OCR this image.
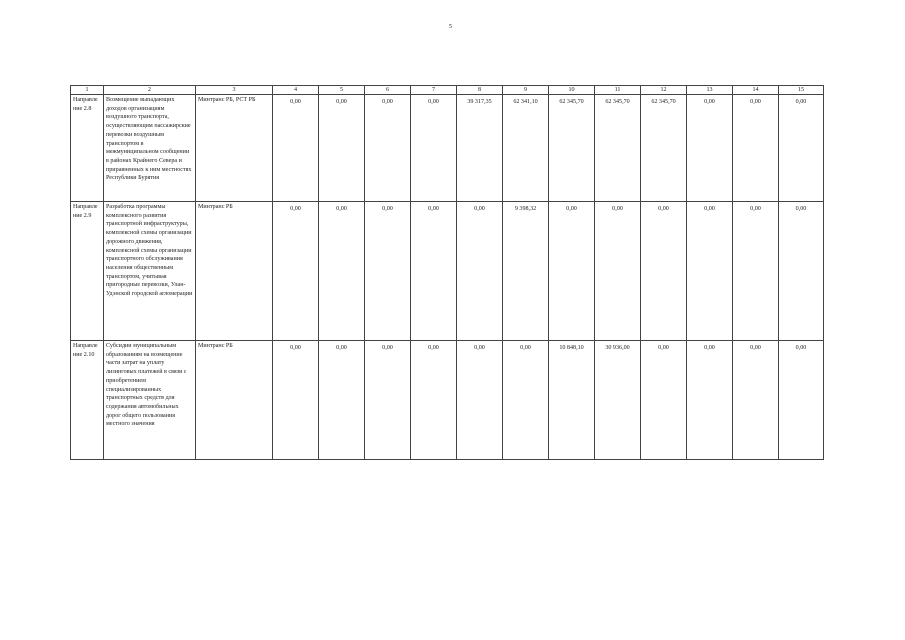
5
1	2	3	4	5	6	7	8	9	10	11	12	13	14	15
Направле ние 2.8	Возмещение выпадающих доходов организациям воздушного транспорта, осуществляющим пассажирские перевозки воздушным транспортом в межмуниципальном сообщении в районах Крайнего Севера и приравненных к ним местностях Республики Бурятия	Минтранс РБ, РСТ РБ	0,00	0,00	0,00	0,00	39 317,35	62 341,10	62 345,70	62 345,70	62 345,70	0,00	0,00	0,00

Направле ние 2.9	Разработка программы комплексного развития транспортной инфраструктуры, комплексной схемы организации дорожного движения, комплексной схемы организации транспортного обслуживания населения общественным транспортом, учитывая пригородные перевозки, Улан-Удэнской городской агломерации	Минтранс РБ	0,00	0,00	0,00	0,00	0,00	9 398,32	0,00	0,00	0,00	0,00	0,00	0,00

Направле ние 2.10	Субсидии муниципальным образованиям на возмещение части затрат на уплату лизинговых платежей в связи с приобретением специализированных транспортных средств для содержания автомобильных дорог общего пользования местного значения	Минтранс РБ	0,00	0,00	0,00	0,00	0,00	0,00	10 848,10	30 936,00	0,00	0,00	0,00	0,00
